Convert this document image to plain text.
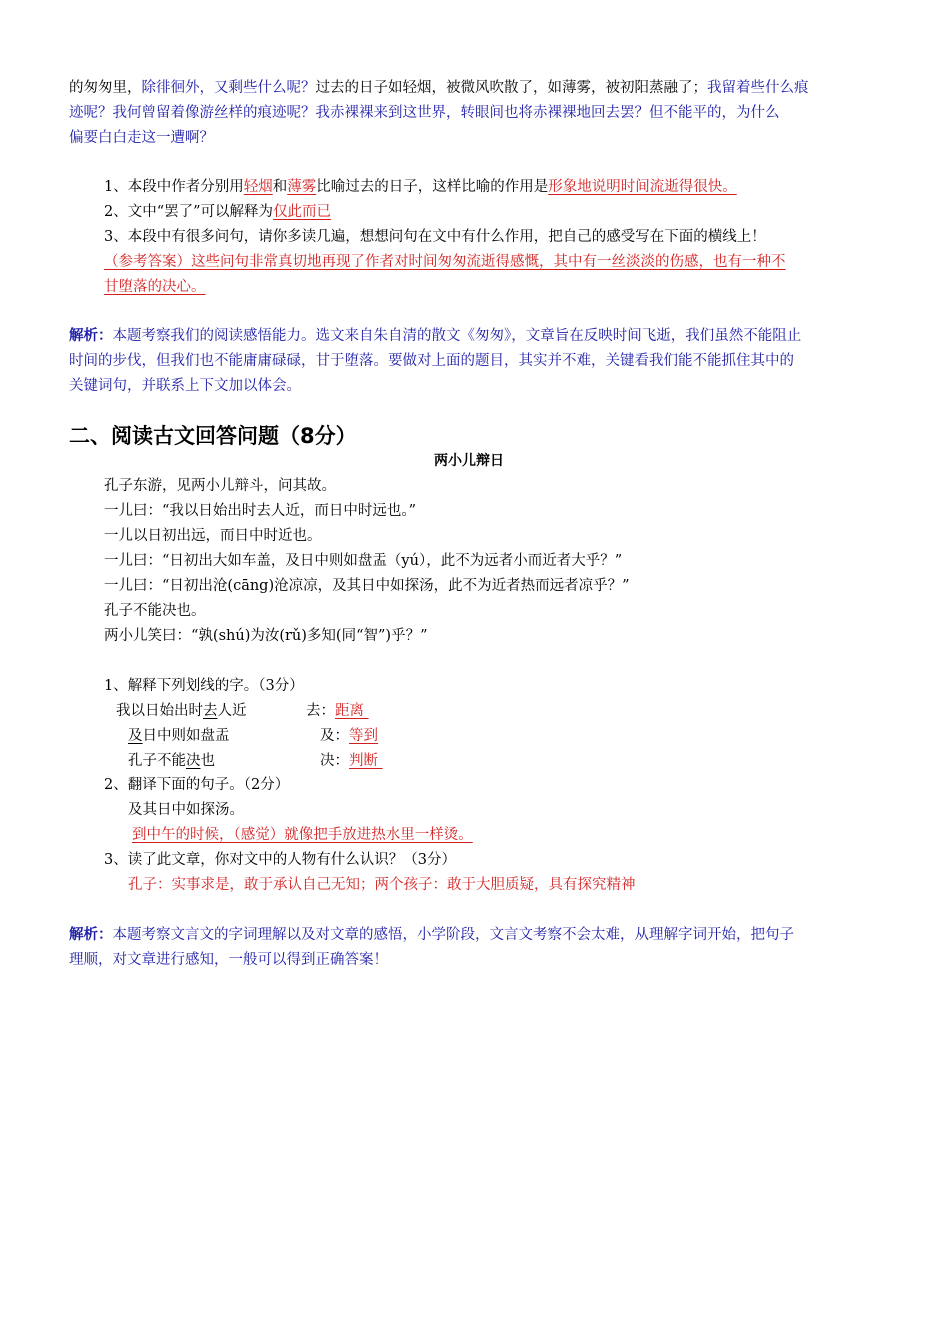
的匆匆里，除徘徊外，又剩些什么呢？过去的日子如轻烟，被微风吹散了，如薄雾，被初阳蒸融了；我留着些什么痕
迹呢？我何曾留着像游丝样的痕迹呢？我赤裸裸来到这世界，转眼间也将赤裸裸地回去罢？但不能平的，为什么
偏要白白走这一遭啊？
1、本段中作者分别用轻烟和薄雾比喻过去的日子，这样比喻的作用是形象地说明时间流逝得很快。
2、文中“罢了”可以解释为仅此而已
3、本段中有很多问句，请你多读几遍，想想问句在文中有什么作用，把自己的感受写在下面的横线上！
（参考答案）这些问句非常真切地再现了作者对时间匆匆流逝得感慨，其中有一丝淡淡的伤感，也有一种不
甘堕落的决心。
解析：本题考察我们的阅读感悟能力。选文来自朱自清的散文《匆匆》，文章旨在反映时间飞逝，我们虽然不能阻止
时间的步伐，但我们也不能庸庸碌碌，甘于堕落。要做对上面的题目，其实并不难，关键看我们能不能抓住其中的
关键词句，并联系上下文加以体会。
二、阅读古文回答问题（8分）
两小儿辩日
孔子东游，见两小儿辩斗，问其故。
一儿曰：“我以日始出时去人近，而日中时远也。”
一儿以日初出远，而日中时近也。
一儿曰：“日初出大如车盖，及日中则如盘盂（yú），此不为远者小而近者大乎？”
一儿曰：“日初出沧(cāng)沧凉凉，及其日中如探汤，此不为近者热而远者凉乎？”
孔子不能决也。
两小儿笑曰：“孰(shú)为汝(rǔ)多知(同“智”)乎？”
1、解释下列划线的字。（3分）
我以日始出时去人近	去：距离
及日中则如盘盂	及：等到
孔子不能决也	决：判断
2、翻译下面的句子。（2分）
及其日中如探汤。
到中午的时候，（感觉）就像把手放进热水里一样烫。
3、读了此文章，你对文中的人物有什么认识？（3分）
孔子：实事求是，敢于承认自己无知；两个孩子：敢于大胆质疑，具有探究精神
解析：本题考察文言文的字词理解以及对文章的感悟，小学阶段，文言文考察不会太难，从理解字词开始，把句子
理顺，对文章进行感知，一般可以得到正确答案！
